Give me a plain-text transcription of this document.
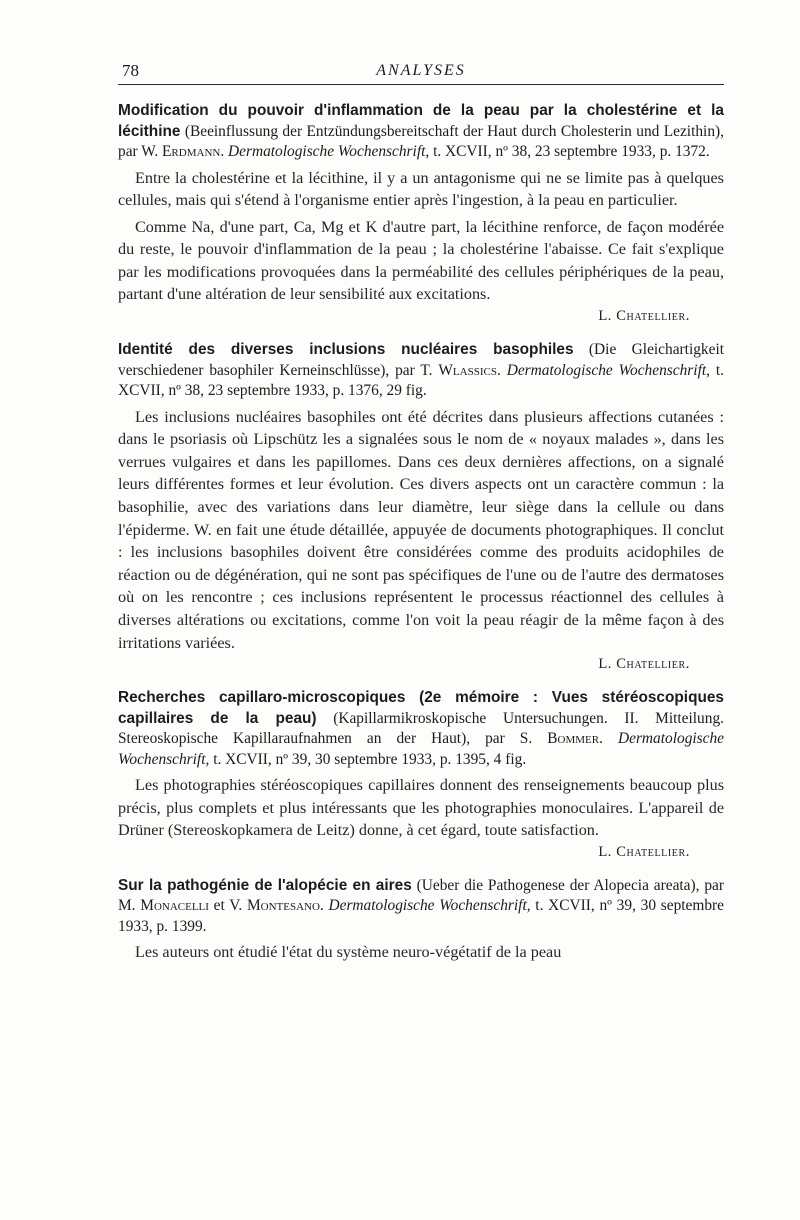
78	ANALYSES
Modification du pouvoir d'inflammation de la peau par la cholestérine et la lécithine (Beeinflussung der Entzündungsbereitschaft der Haut durch Cholesterin und Lezithin), par W. Erdmann. Dermatologische Wochenschrift, t. XCVII, nº 38, 23 septembre 1933, p. 1372.

Entre la cholestérine et la lécithine, il y a un antagonisme qui ne se limite pas à quelques cellules, mais qui s'étend à l'organisme entier après l'ingestion, à la peau en particulier.

Comme Na, d'une part, Ca, Mg et K d'autre part, la lécithine renforce, de façon modérée du reste, le pouvoir d'inflammation de la peau ; la cholestérine l'abaisse. Ce fait s'explique par les modifications provoquées dans la perméabilité des cellules périphériques de la peau, partant d'une altération de leur sensibilité aux excitations.

L. Chatellier.
Identité des diverses inclusions nucléaires basophiles (Die Gleichartigkeit verschiedener basophiler Kerneinschlüsse), par T. Wlassics. Dermatologische Wochenschrift, t. XCVII, nº 38, 23 septembre 1933, p. 1376, 29 fig.

Les inclusions nucléaires basophiles ont été décrites dans plusieurs affections cutanées : dans le psoriasis où Lipschütz les a signalées sous le nom de « noyaux malades », dans les verrues vulgaires et dans les papillomes. Dans ces deux dernières affections, on a signalé leurs différentes formes et leur évolution. Ces divers aspects ont un caractère commun : la basophilie, avec des variations dans leur diamètre, leur siège dans la cellule ou dans l'épiderme. W. en fait une étude détaillée, appuyée de documents photographiques. Il conclut : les inclusions basophiles doivent être considérées comme des produits acidophiles de réaction ou de dégénération, qui ne sont pas spécifiques de l'une ou de l'autre des dermatoses où on les rencontre ; ces inclusions représentent le processus réactionnel des cellules à diverses altérations ou excitations, comme l'on voit la peau réagir de la même façon à des irritations variées.

L. Chatellier.
Recherches capillaro-microscopiques (2e mémoire : Vues stéréoscopiques capillaires de la peau) (Kapillarmikroskopische Untersuchungen. II. Mitteilung. Stereoskopische Kapillaraufnahmen an der Haut), par S. Bommer. Dermatologische Wochenschrift, t. XCVII, nº 39, 30 septembre 1933, p. 1395, 4 fig.

Les photographies stéréoscopiques capillaires donnent des renseignements beaucoup plus précis, plus complets et plus intéressants que les photographies monoculaires. L'appareil de Drüner (Stereoskopkamera de Leitz) donne, à cet égard, toute satisfaction.

L. Chatellier.
Sur la pathogénie de l'alopécie en aires (Ueber die Pathogenese der Alopecia areata), par M. Monacelli et V. Montesano. Dermatologische Wochenschrift, t. XCVII, nº 39, 30 septembre 1933, p. 1399.

Les auteurs ont étudié l'état du système neuro-végétatif de la peau
